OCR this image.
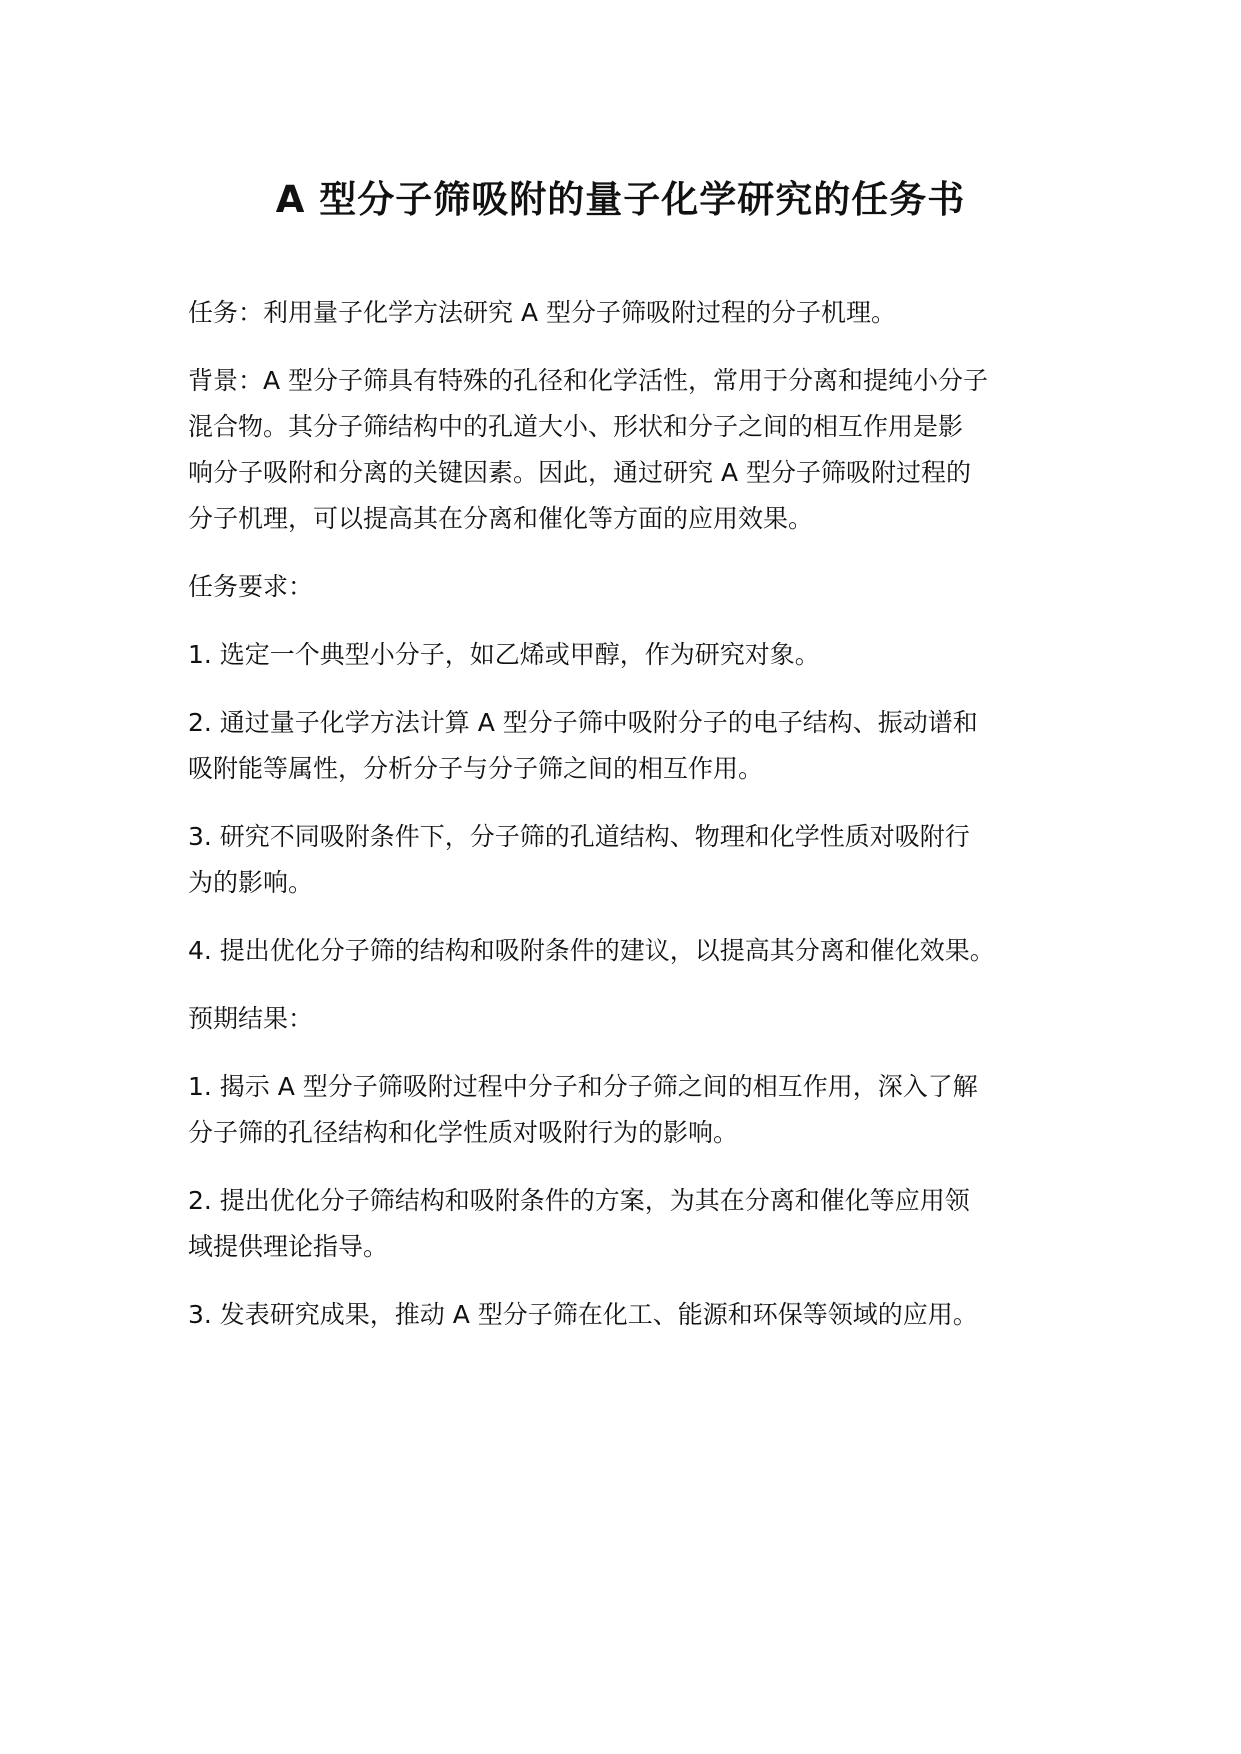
A 型分子筛吸附的量子化学研究的任务书

任务：利用量子化学方法研究 A 型分子筛吸附过程的分子机理。

背景：A 型分子筛具有特殊的孔径和化学活性，常用于分离和提纯小分子
混合物。其分子筛结构中的孔道大小、形状和分子之间的相互作用是影
响分子吸附和分离的关键因素。因此，通过研究 A 型分子筛吸附过程的
分子机理，可以提高其在分离和催化等方面的应用效果。

任务要求：

1. 选定一个典型小分子，如乙烯或甲醇，作为研究对象。

2. 通过量子化学方法计算 A 型分子筛中吸附分子的电子结构、振动谱和
吸附能等属性，分析分子与分子筛之间的相互作用。

3. 研究不同吸附条件下，分子筛的孔道结构、物理和化学性质对吸附行
为的影响。

4. 提出优化分子筛的结构和吸附条件的建议，以提高其分离和催化效果。

预期结果：

1. 揭示 A 型分子筛吸附过程中分子和分子筛之间的相互作用，深入了解
分子筛的孔径结构和化学性质对吸附行为的影响。

2. 提出优化分子筛结构和吸附条件的方案，为其在分离和催化等应用领
域提供理论指导。

3. 发表研究成果，推动 A 型分子筛在化工、能源和环保等领域的应用。
